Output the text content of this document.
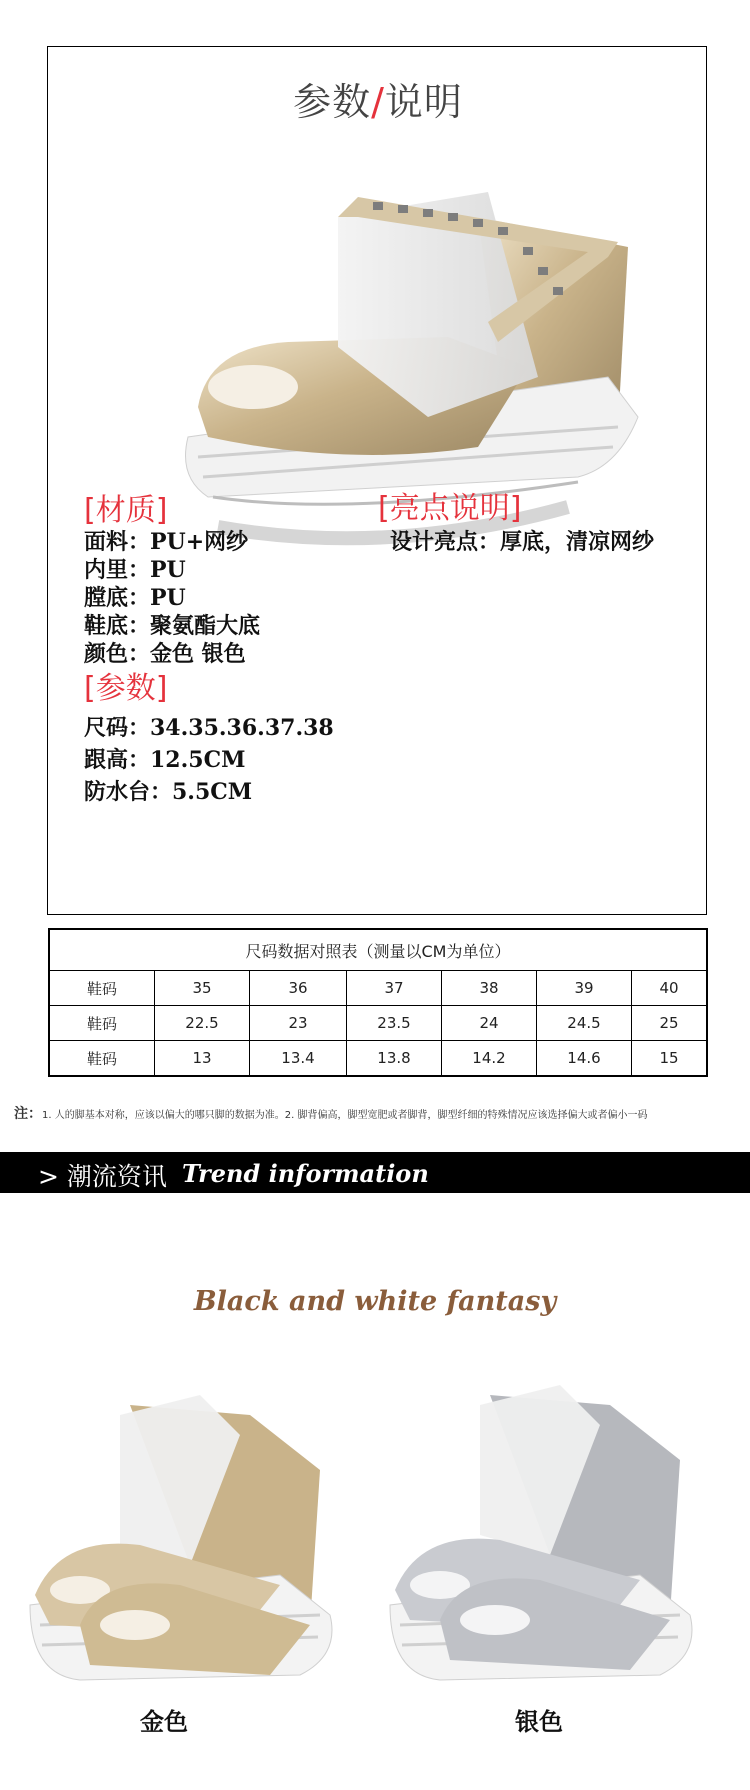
参数/说明
[材质]
面料：PU+网纱
内里：PU
膛底：PU
鞋底：聚氨酯大底
颜色：金色 银色
[亮点说明]
设计亮点：厚底，清凉网纱
[参数]
尺码：34.35.36.37.38
跟高：12.5CM
防水台：5.5CM
尺码数据对照表（测量以CM为单位）						
鞋码	35	36	37	38	39	40
鞋码	22.5	23	23.5	24	24.5	25
鞋码	13	13.4	13.8	14.2	14.6	15
注：1. 人的脚基本对称，应该以偏大的哪只脚的数据为准。2. 脚背偏高，脚型宽肥或者脚背，脚型纤细的特殊情况应该选择偏大或者偏小一码
> 潮流资讯 Trend information
Black and white fantasy
金色	银色
